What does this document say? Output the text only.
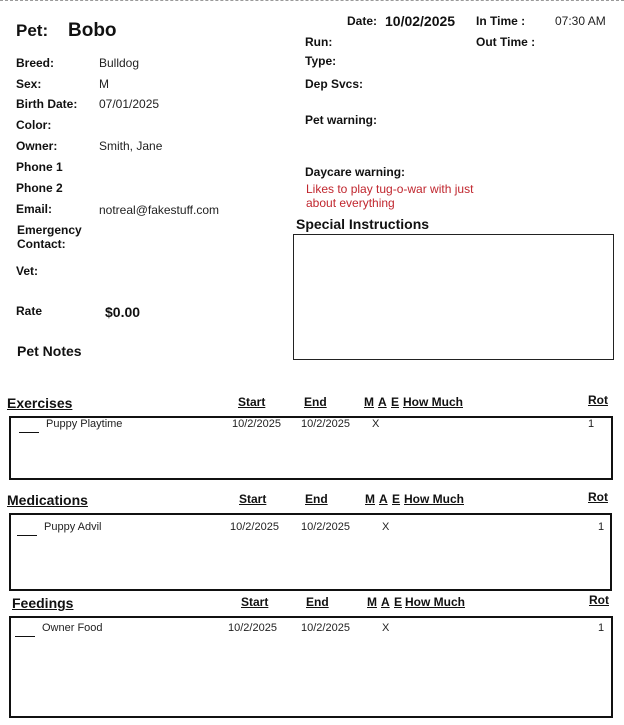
Pet: Bobo
Breed:	Bulldog
Sex:	M
Birth Date: 07/01/2025
Color:
Owner:	Smith, Jane
Phone 1
Phone 2
Email:	notreal@fakestuff.com
Emergency
Contact:
Vet:
Rate	$0.00
Pet Notes
Date: 10/02/2025 In Time : 07:30 AM
Out Time :
Run:
Type:
Dep Svcs:
Pet warning:
Daycare warning:
Likes to play tug-o-war with just about everything
Special Instructions
Exercises	Start	End	M A E How Much	Rot
Puppy Playtime	10/2/2025 10/2/2025 X	1
Medications	Start	End	M A E How Much	Rot
Puppy Advil	10/2/2025 10/2/2025	X	1
Feedings	Start	End	M A E How Much	Rot
Owner Food	10/2/2025 10/2/2025	X	1
